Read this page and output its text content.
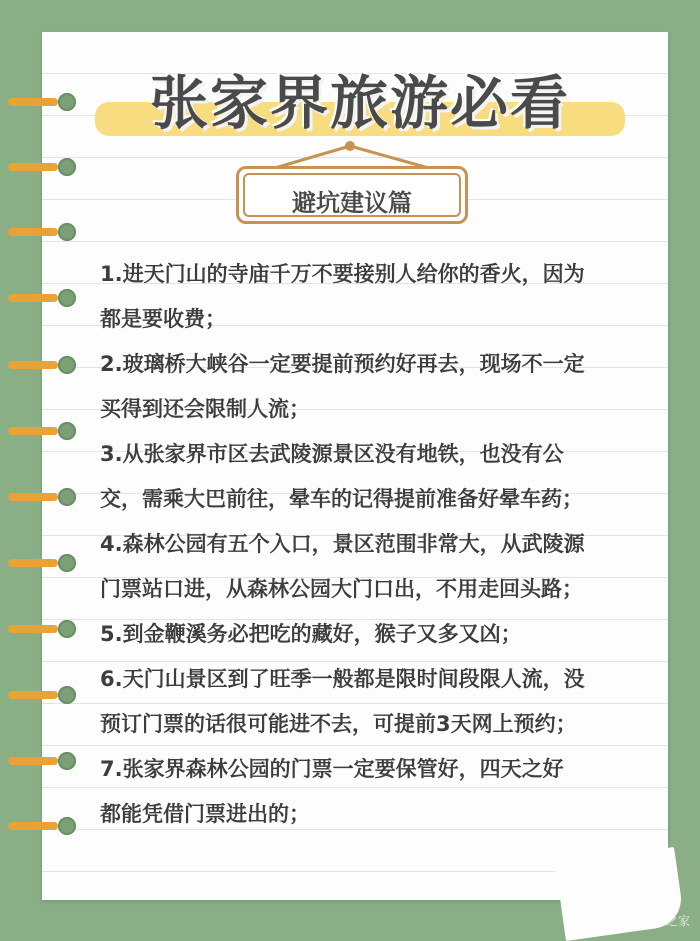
张家界旅游必看
避坑建议篇
1.进天门山的寺庙千万不要接别人给你的香火，因为
都是要收费；
2.玻璃桥大峡谷一定要提前预约好再去，现场不一定
买得到还会限制人流；
3.从张家界市区去武陵源景区没有地铁，也没有公
交，需乘大巴前往，晕车的记得提前准备好晕车药；
4.森林公园有五个入口，景区范围非常大，从武陵源
门票站口进，从森林公园大门口出，不用走回头路；
5.到金鞭溪务必把吃的藏好，猴子又多又凶；
6.天门山景区到了旺季一般都是限时间段限人流，没
预订门票的话很可能进不去，可提前3天网上预约；
7.张家界森林公园的门票一定要保管好，四天之好
都能凭借门票进出的；
车之家
